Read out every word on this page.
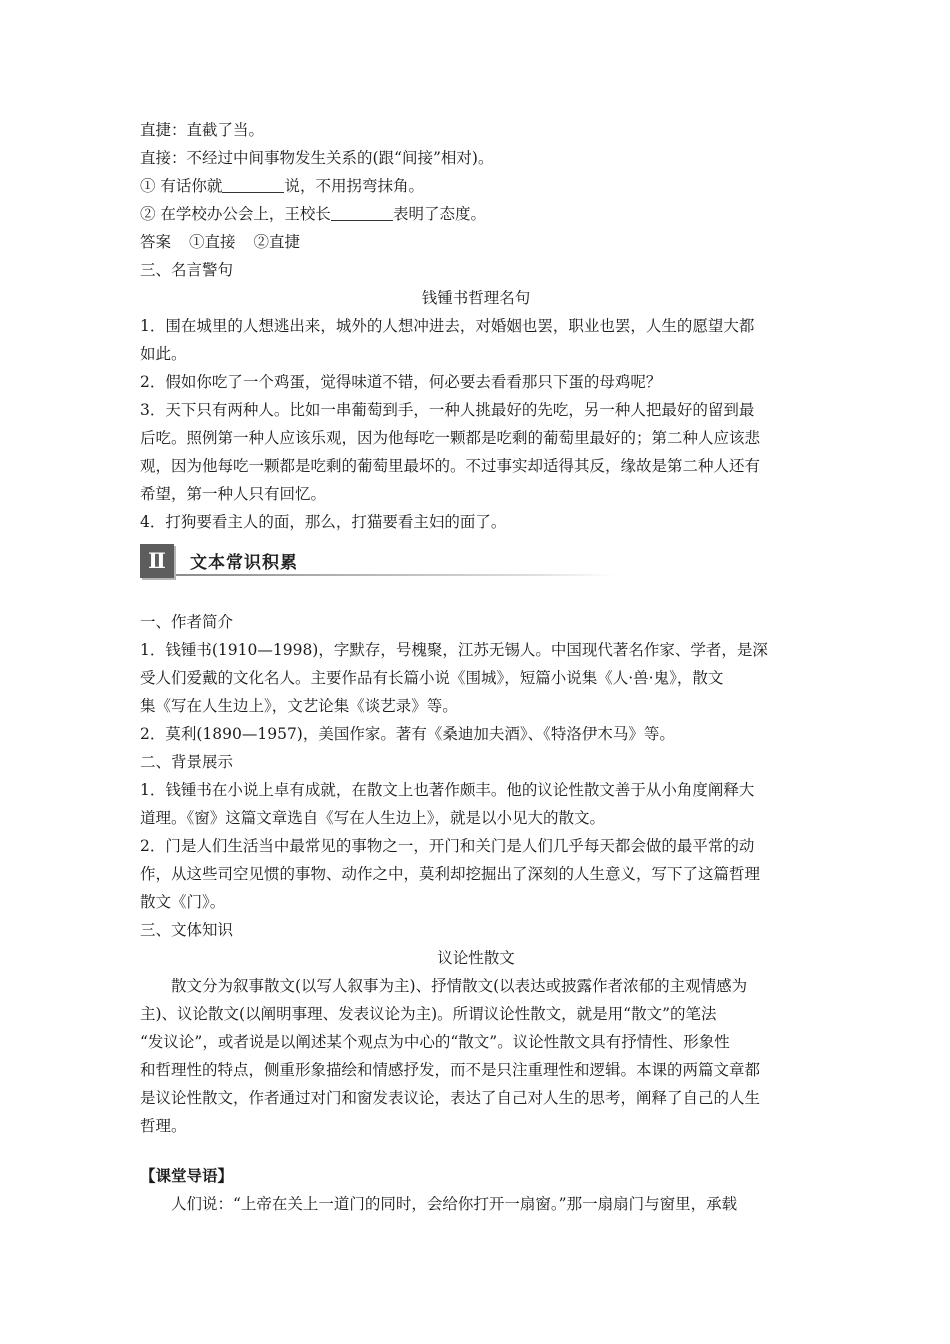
直捷：直截了当。
直接：不经过中间事物发生关系的(跟“间接”相对)。
① 有话你就	说，不用拐弯抹角。
② 在学校办公会上，王校长	表明了态度。
答案 ①直接 ②直捷
三、名言警句
钱锺书哲理名句
1．围在城里的人想逃出来，城外的人想冲进去，对婚姻也罢，职业也罢，人生的愿望大都
如此。
2．假如你吃了一个鸡蛋，觉得味道不错，何必要去看看那只下蛋的母鸡呢？
3．天下只有两种人。比如一串葡萄到手，一种人挑最好的先吃，另一种人把最好的留到最
后吃。照例第一种人应该乐观，因为他每吃一颗都是吃剩的葡萄里最好的；第二种人应该悲
观，因为他每吃一颗都是吃剩的葡萄里最坏的。不过事实却适得其反，缘故是第二种人还有
希望，第一种人只有回忆。
4．打狗要看主人的面，那么，打猫要看主妇的面了。
Ⅱ	文本常识积累
一、作者简介
1．钱锺书(1910—1998)，字默存，号槐聚，江苏无锡人。中国现代著名作家、学者，是深
受人们爱戴的文化名人。主要作品有长篇小说《围城》，短篇小说集《人·兽·鬼》，散文
集《写在人生边上》，文艺论集《谈艺录》等。
2．莫利(1890—1957)，美国作家。著有《桑迪加夫酒》、《特洛伊木马》等。
二、背景展示
1．钱锺书在小说上卓有成就，在散文上也著作颇丰。他的议论性散文善于从小角度阐释大
道理。《窗》这篇文章选自《写在人生边上》，就是以小见大的散文。
2．门是人们生活当中最常见的事物之一，开门和关门是人们几乎每天都会做的最平常的动
作，从这些司空见惯的事物、动作之中，莫利却挖掘出了深刻的人生意义，写下了这篇哲理
散文《门》。
三、文体知识
议论性散文
散文分为叙事散文(以写人叙事为主)、抒情散文(以表达或披露作者浓郁的主观情感为
主)、议论散文(以阐明事理、发表议论为主)。所谓议论性散文，就是用“散文”的笔法
“发议论”，或者说是以阐述某个观点为中心的“散文”。议论性散文具有抒情性、形象性
和哲理性的特点，侧重形象描绘和情感抒发，而不是只注重理性和逻辑。本课的两篇文章都
是议论性散文，作者通过对门和窗发表议论，表达了自己对人生的思考，阐释了自己的人生
哲理。
【课堂导语】
人们说：“上帝在关上一道门的同时，会给你打开一扇窗。”那一扇扇门与窗里，承载
